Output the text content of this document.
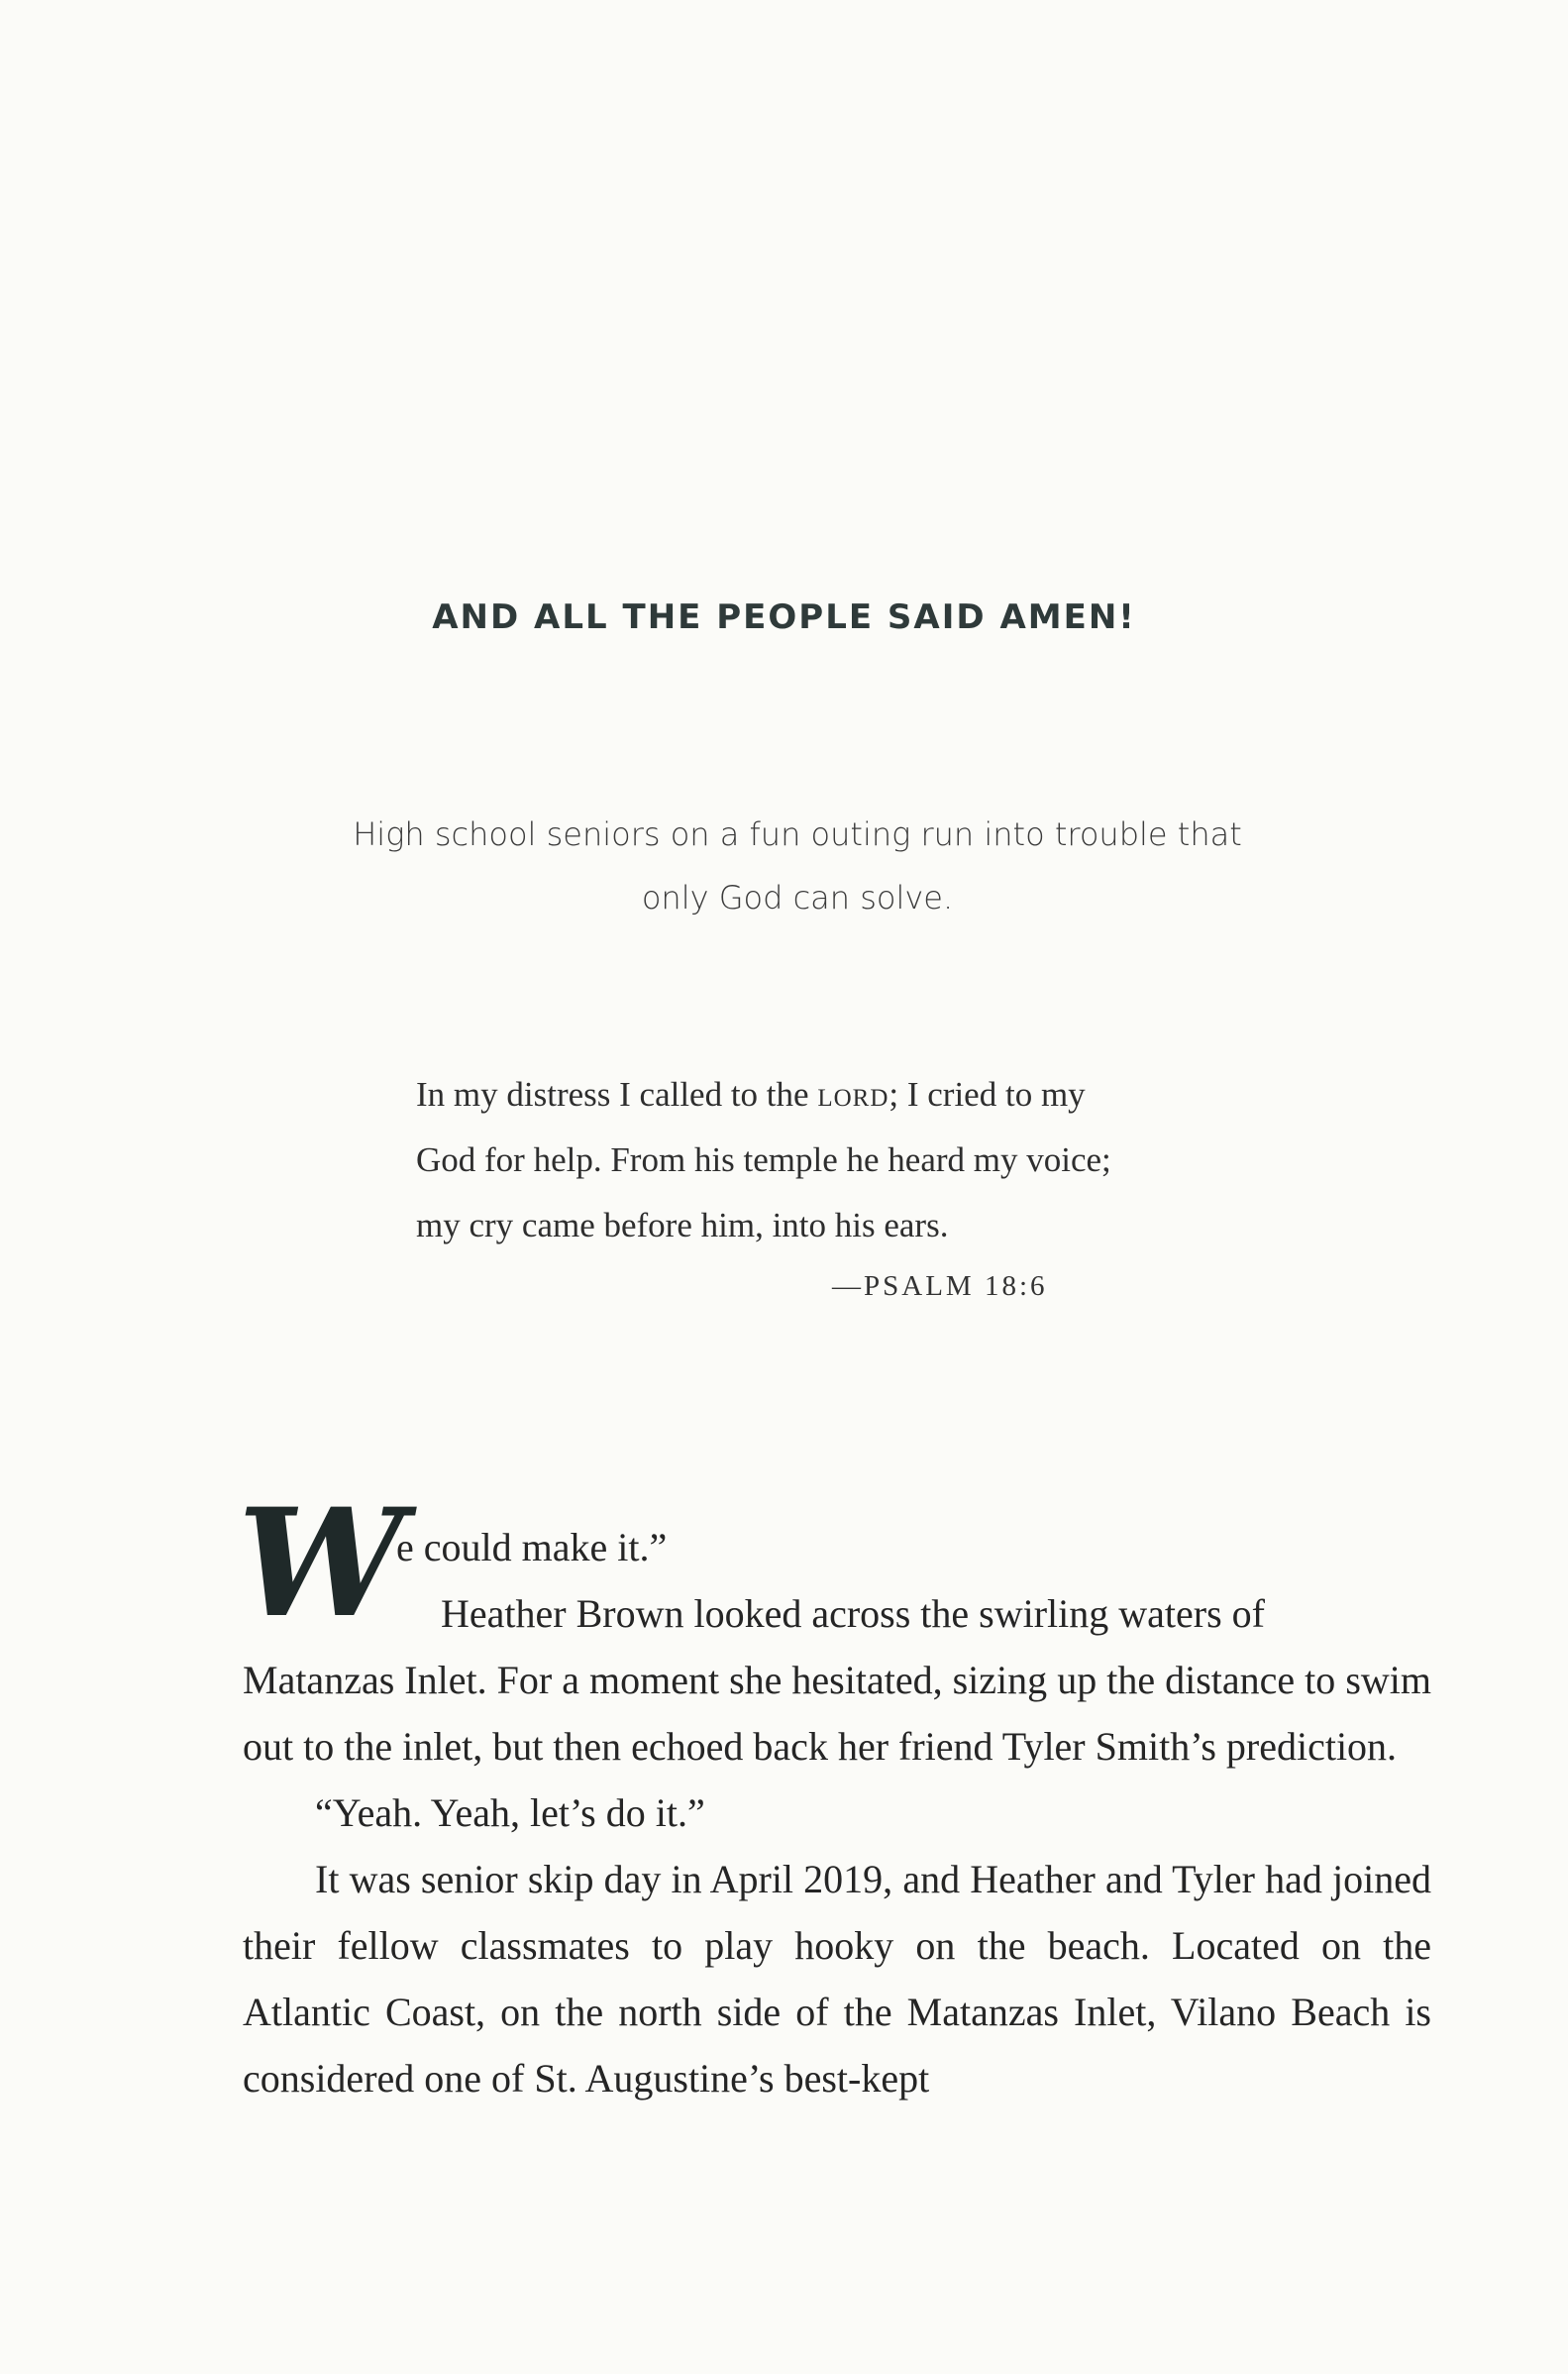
AND ALL THE PEOPLE SAID AMEN!
High school seniors on a fun outing run into trouble that
only God can solve.
In my distress I called to the lord; I cried to my
God for help. From his temple he heard my voice;
my cry came before him, into his ears.
—PSALM 18:6
W

e could make it.”
Heather Brown looked across the swirling waters of
Matanzas Inlet. For a moment she hesitated, sizing up the distance to swim out to the inlet, but then echoed back her friend Tyler Smith’s prediction.

“Yeah. Yeah, let’s do it.”

It was senior skip day in April 2019, and Heather and Tyler had joined their fellow classmates to play hooky on the beach. Located on the Atlantic Coast, on the north side of the Matanzas Inlet, Vilano Beach is considered one of St. Augustine’s best-kept
